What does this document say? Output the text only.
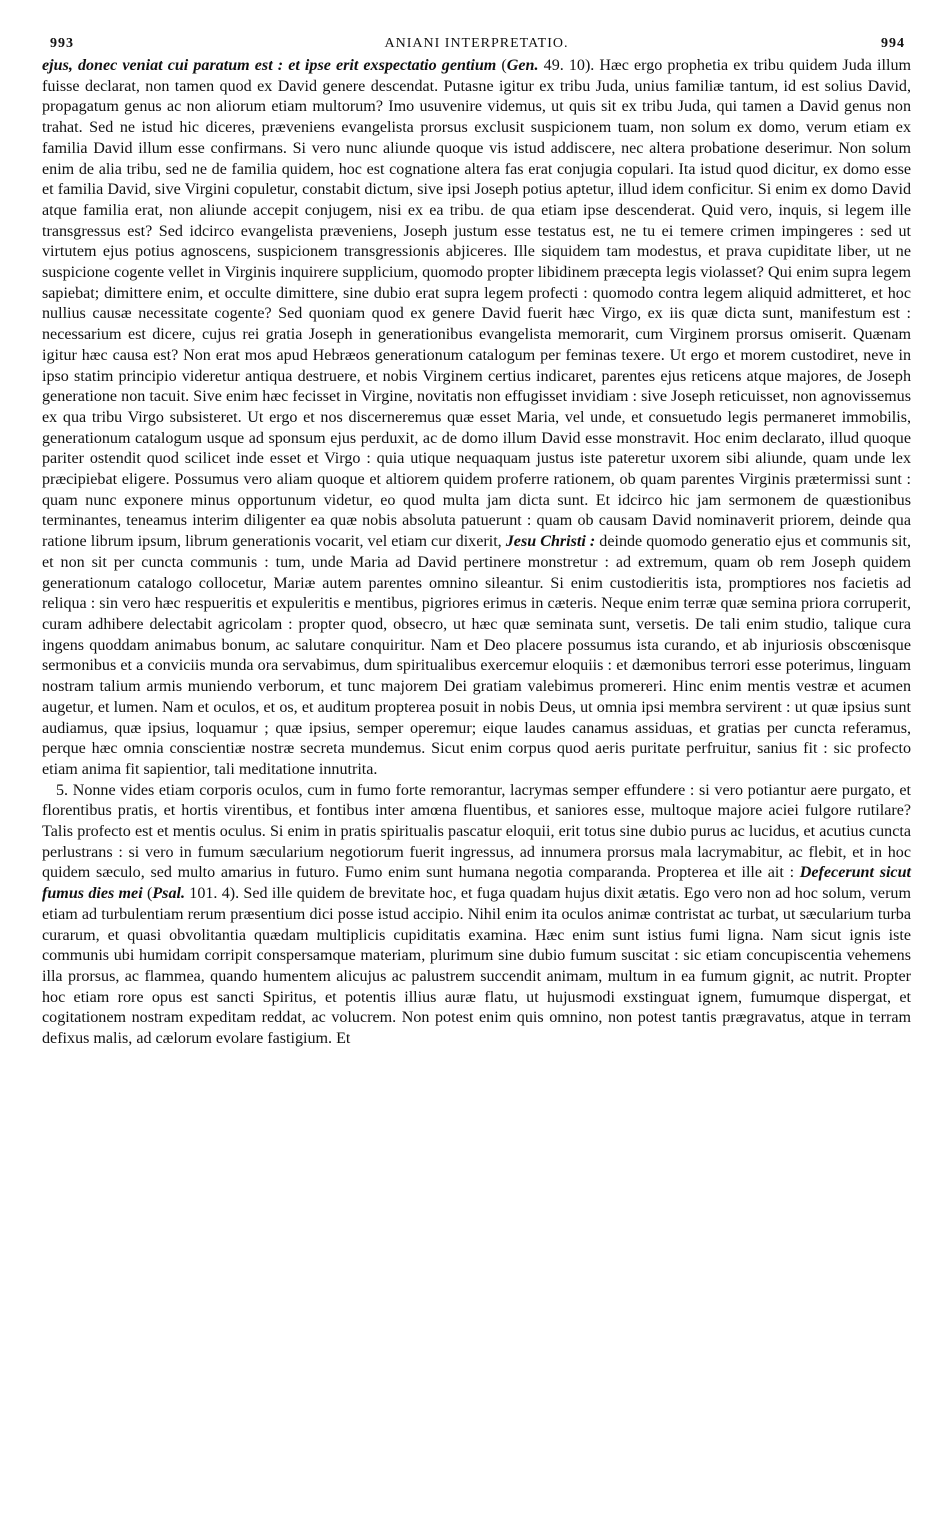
993	ANIANI INTERPRETATIO.	994

ejus, donec veniat cui paratum est : et ipse erit exspectatio gentium (Gen. 49. 10). Hæc ergo prophetia ex tribu quidem Juda illum fuisse declarat, non tamen quod ex David genere descendat. Putasne igitur ex tribu Juda, unius familiæ tantum, id est solius David, propagatum genus ac non aliorum etiam multorum? Imo usuvenire videmus, ut quis sit ex tribu Juda, qui tamen a David genus non trahat. Sed ne istud hic diceres, præveniens evangelista prorsus exclusit suspicionem tuam, non solum ex domo, verum etiam ex familia David illum esse confirmans. Si vero nunc aliunde quoque vis istud addiscere, nec altera probatione deserimur. Non solum enim de alia tribu, sed ne de familia quidem, hoc est cognatione altera fas erat conjugia copulari. Ita istud quod dicitur, ex domo esse et familia David, sive Virgini copuletur, constabit dictum, sive ipsi Joseph potius aptetur, illud idem conficitur. Si enim ex domo David atque familia erat, non aliunde accepit conjugem, nisi ex ea tribu. de qua etiam ipse descenderat. Quid vero, inquis, si legem ille transgressus est? Sed idcirco evangelista præveniens, Joseph justum esse testatus est, ne tu ei temere crimen impingeres : sed ut virtutem ejus potius agnoscens, suspicionem transgressionis abjiceres. Ille siquidem tam modestus, et prava cupiditate liber, ut ne suspicione cogente vellet in Virginis inquirere supplicium, quomodo propter libidinem præcepta legis violasset? Qui enim supra legem sapiebat; dimittere enim, et occulte dimittere, sine dubio erat supra legem profecti : quomodo contra legem aliquid admitteret, et hoc nullius causæ necessitate cogente? Sed quoniam quod ex genere David fuerit hæc Virgo, ex iis quæ dicta sunt, manifestum est : necessarium est dicere, cujus rei gratia Joseph in generationibus evangelista memorarit, cum Virginem prorsus omiserit. Quænam igitur hæc causa est? Non erat mos apud Hebræos generationum catalogum per feminas texere. Ut ergo et morem custodiret, neve in ipso statim principio videretur antiqua destruere, et nobis Virginem certius indicaret, parentes ejus reticens atque majores, de Joseph generatione non tacuit. Sive enim hæc fecisset in Virgine, novitatis non effugisset invidiam : sive Joseph reticuisset, non agnovissemus ex qua tribu Virgo subsisteret. Ut ergo et nos discerneremus quæ esset Maria, vel unde, et consuetudo legis permaneret immobilis, generationum catalogum usque ad sponsum ejus perduxit, ac de domo illum David esse monstravit. Hoc enim declarato, illud quoque pariter ostendit quod scilicet inde esset et Virgo : quia utique nequaquam justus iste pateretur uxorem sibi aliunde, quam unde lex præcipiebat eligere. Possumus vero aliam quoque et altiorem quidem proferre rationem, ob quam parentes Virginis prætermissi sunt : quam nunc exponere minus opportunum videtur, eo quod multa jam dicta sunt. Et idcirco hic jam sermonem de quæstionibus terminantes, teneamus interim diligenter ea quæ nobis absoluta patuerunt : quam ob causam David nominaverit priorem, deinde qua ratione librum ipsum, librum generationis vocarit, vel etiam cur dixerit, Jesu Christi : deinde quomodo generatio ejus et communis sit, et non sit per cuncta communis : tum, unde Maria ad David pertinere monstretur : ad extremum, quam ob rem Joseph quidem generationum catalogo collocetur, Mariæ autem parentes omnino sileantur. Si enim custodieritis ista, promptiores nos facietis ad reliqua : sin vero hæc respueritis et expuleritis e mentibus, pigriores erimus in cæteris. Neque enim terræ quæ semina priora corruperit, curam adhibere delectabit agricolam : propter quod, obsecro, ut hæc quæ seminata sunt, versetis. De tali enim studio, talique cura ingens quoddam animabus bonum, ac salutare conquiritur. Nam et Deo placere possumus ista curando, et ab injuriosis obscœnisque sermonibus et a conviciis munda ora servabimus, dum spiritualibus exercemur eloquiis : et dæmonibus terrori esse poterimus, linguam nostram talium armis muniendo verborum, et tunc majorem Dei gratiam valebimus promereri. Hinc enim mentis vestræ et acumen augetur, et lumen. Nam et oculos, et os, et auditum propterea posuit in nobis Deus, ut omnia ipsi membra servirent : ut quæ ipsius sunt audiamus, quæ ipsius, loquamur ; quæ ipsius, semper operemur; eique laudes canamus assiduas, et gratias per cuncta referamus, perque hæc omnia conscientiæ nostræ secreta mundemus. Sicut enim corpus quod aeris puritate perfruitur, sanius fit : sic profecto etiam anima fit sapientior, tali meditatione innutrita.

5. Nonne vides etiam corporis oculos, cum in fumo forte remorantur, lacrymas semper effundere : si vero potiantur aere purgato, et florentibus pratis, et hortis virentibus, et fontibus inter amœna fluentibus, et saniores esse, multoque majore aciei fulgore rutilare? Talis profecto est et mentis oculus. Si enim in pratis spiritualis pascatur eloquii, erit totus sine dubio purus ac lucidus, et acutius cuncta perlustrans : si vero in fumum sæcularium negotiorum fuerit ingressus, ad innumera prorsus mala lacrymabitur, ac flebit, et in hoc quidem sæculo, sed multo amarius in futuro. Fumo enim sunt humana negotia comparanda. Propterea et ille ait : Defecerunt sicut fumus dies mei (Psal. 101. 4). Sed ille quidem de brevitate hoc, et fuga quadam hujus dixit ætatis. Ego vero non ad hoc solum, verum etiam ad turbulentiam rerum præsentium dici posse istud accipio. Nihil enim ita oculos animæ contristat ac turbat, ut sæcularium turba curarum, et quasi obvolitantia quædam multiplicis cupiditatis examina. Hæc enim sunt istius fumi ligna. Nam sicut ignis iste communis ubi humidam corripit conspersamque materiam, plurimum sine dubio fumum suscitat : sic etiam concupiscentia vehemens illa prorsus, ac flammea, quando humentem alicujus ac palustrem succendit animam, multum in ea fumum gignit, ac nutrit. Propter hoc etiam rore opus est sancti Spiritus, et potentis illius auræ flatu, ut hujusmodi exstinguat ignem, fumumque dispergat, et cogitationem nostram expeditam reddat, ac volucrem. Non potest enim quis omnino, non potest tantis prægravatus, atque in terram defixus malis, ad cælorum evolare fastigium. Et
